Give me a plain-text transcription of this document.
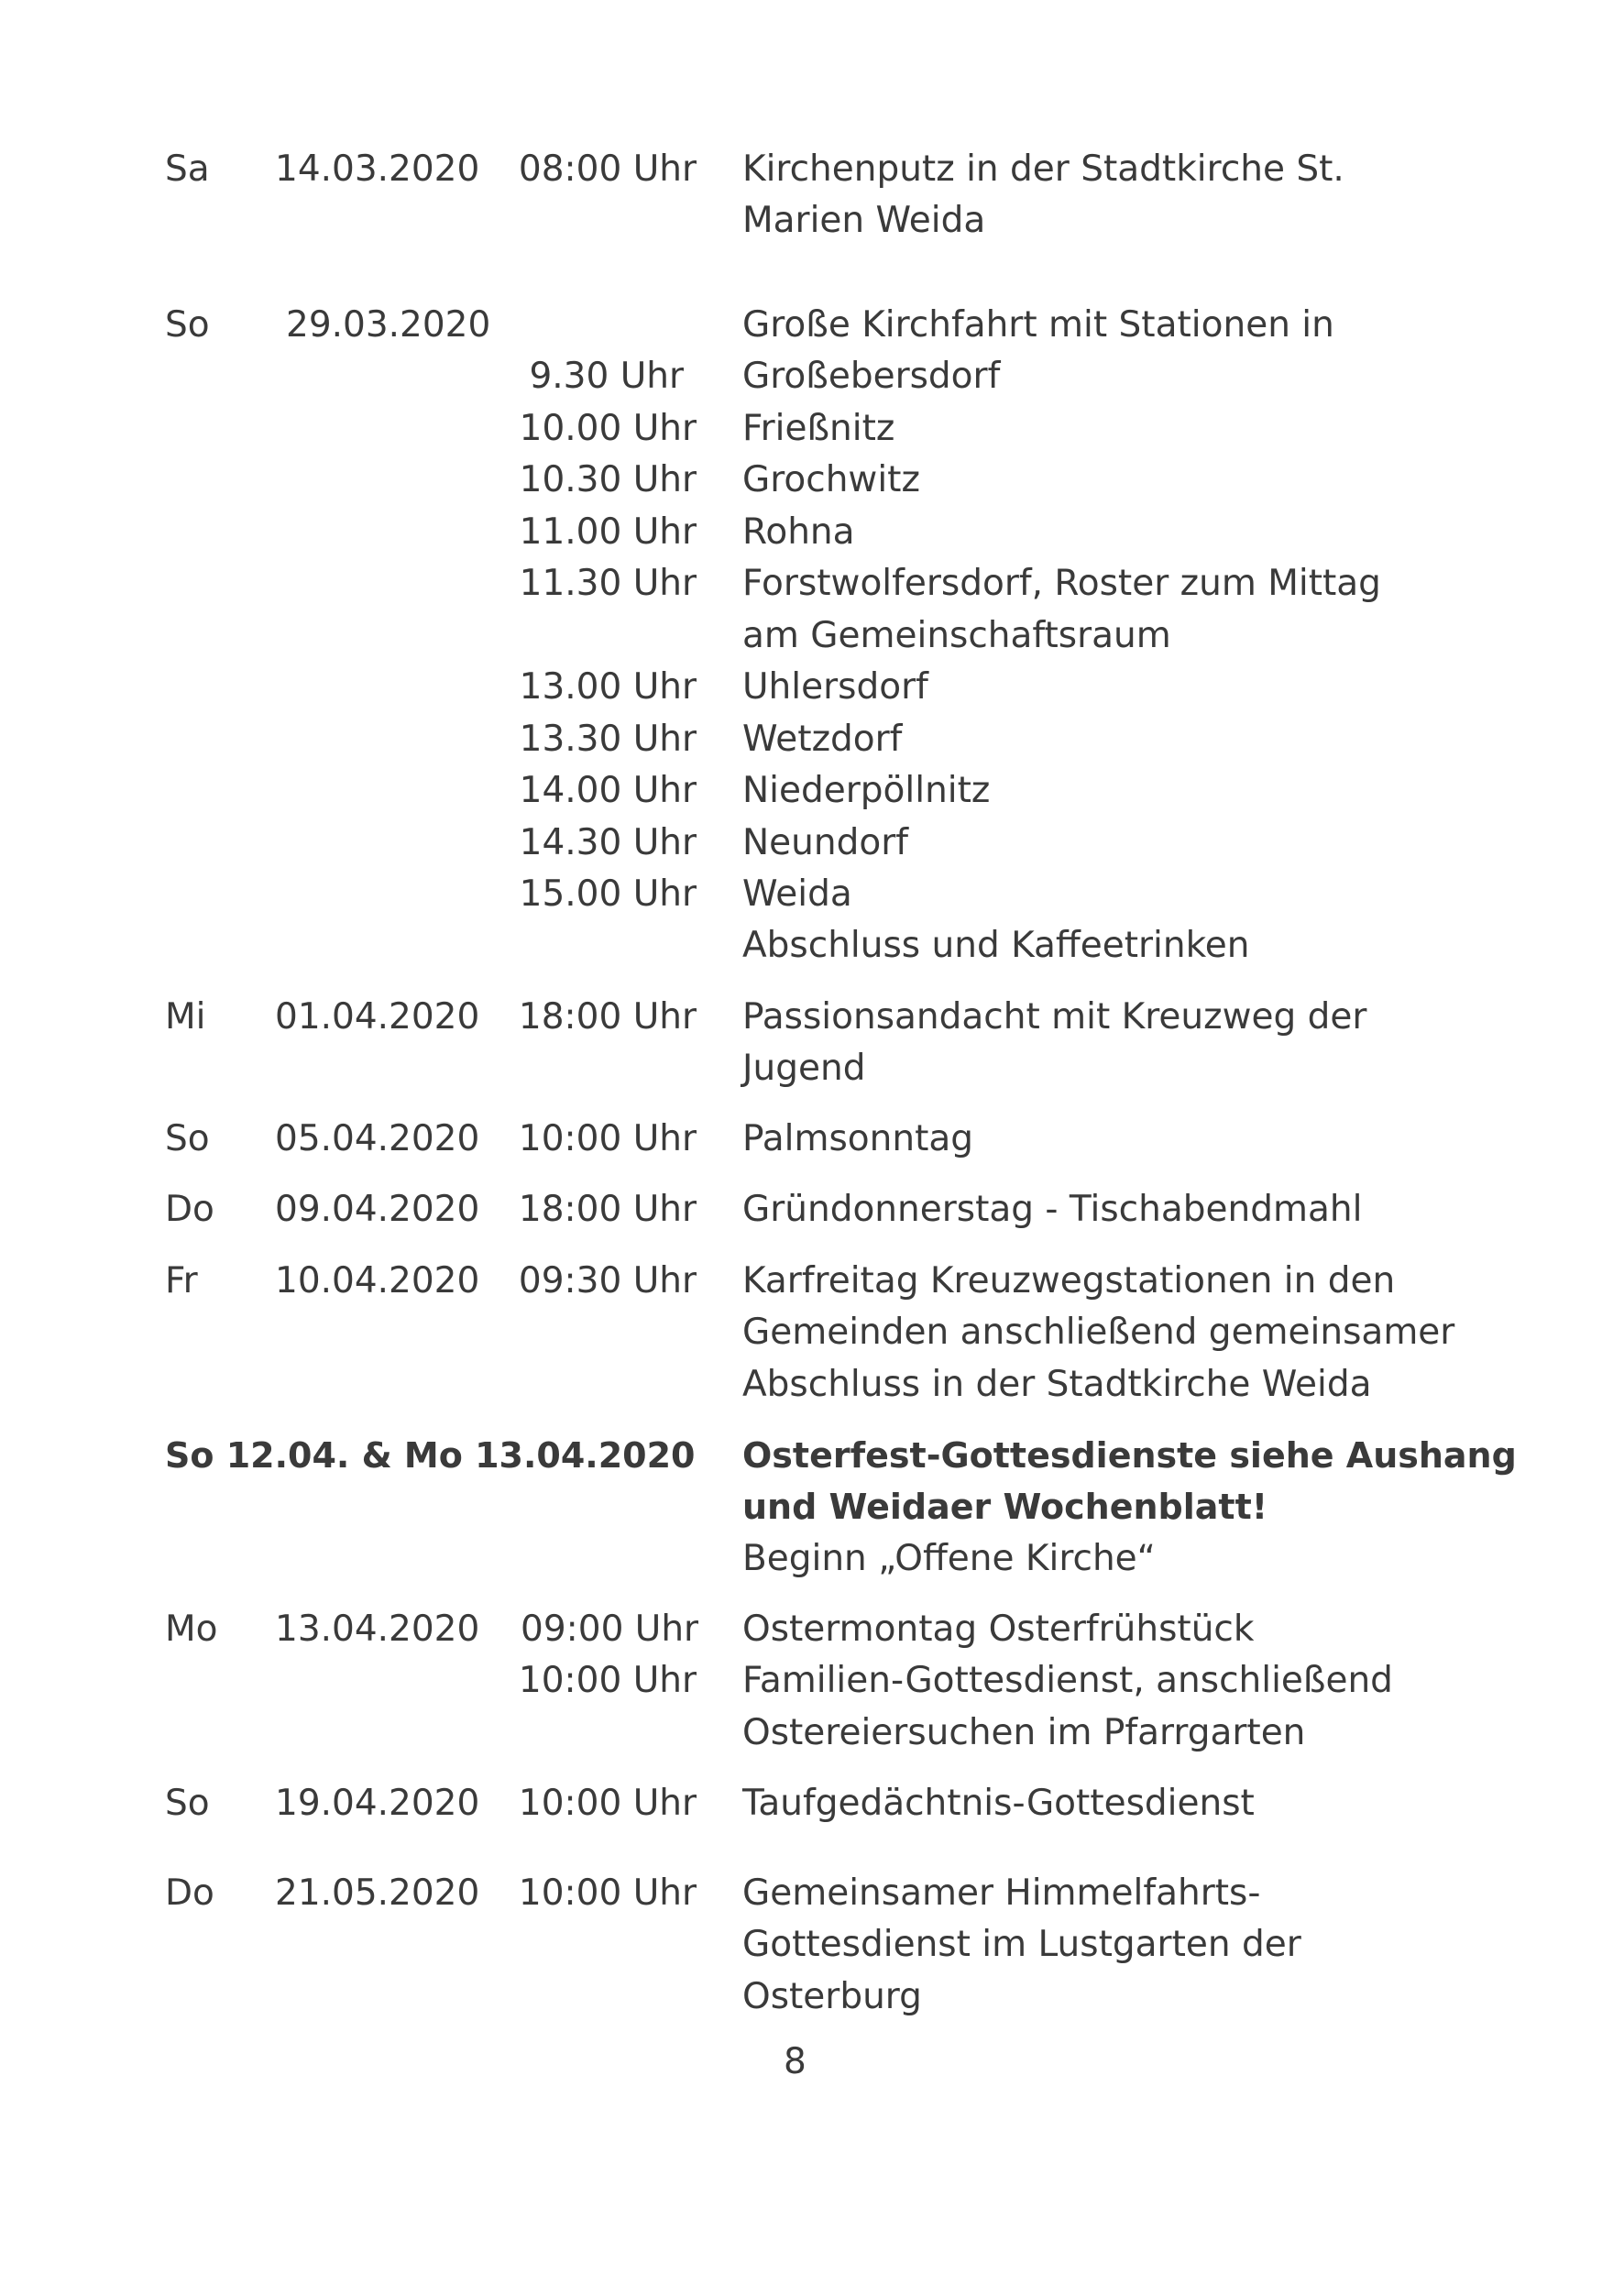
Sa 14.03.2020 08:00 Uhr Kirchenputz in der Stadtkirche St.
Marien Weida
So 29.03.2020	Große Kirchfahrt mit Stationen in
9.30 Uhr Großebersdorf
10.00 Uhr Frießnitz
10.30 Uhr Grochwitz
11.00 Uhr Rohna
11.30 Uhr Forstwolfersdorf, Roster zum Mittag
am Gemeinschaftsraum
13.00 Uhr Uhlersdorf
13.30 Uhr Wetzdorf
14.00 Uhr Niederpöllnitz
14.30 Uhr Neundorf
15.00 Uhr Weida
Abschluss und Kaffeetrinken
Mi 01.04.2020 18:00 Uhr Passionsandacht mit Kreuzweg der
Jugend
So 05.04.2020 10:00 Uhr Palmsonntag
Do 09.04.2020 18:00 Uhr Gründonnerstag - Tischabendmahl
Fr 10.04.2020 09:30 Uhr Karfreitag Kreuzwegstationen in den
Gemeinden anschließend gemeinsamer
Abschluss in der Stadtkirche Weida
So 12.04. & Mo 13.04.2020 Osterfest-Gottesdienste siehe Aushang
und Weidaer Wochenblatt!
Beginn „Offene Kirche“
Mo 13.04.2020 09:00 Uhr Ostermontag Osterfrühstück
10:00 Uhr Familien-Gottesdienst, anschließend
Ostereiersuchen im Pfarrgarten
So 19.04.2020 10:00 Uhr Taufgedächtnis-Gottesdienst
Do 21.05.2020 10:00 Uhr Gemeinsamer Himmelfahrts-
Gottesdienst im Lustgarten der
Osterburg
8
